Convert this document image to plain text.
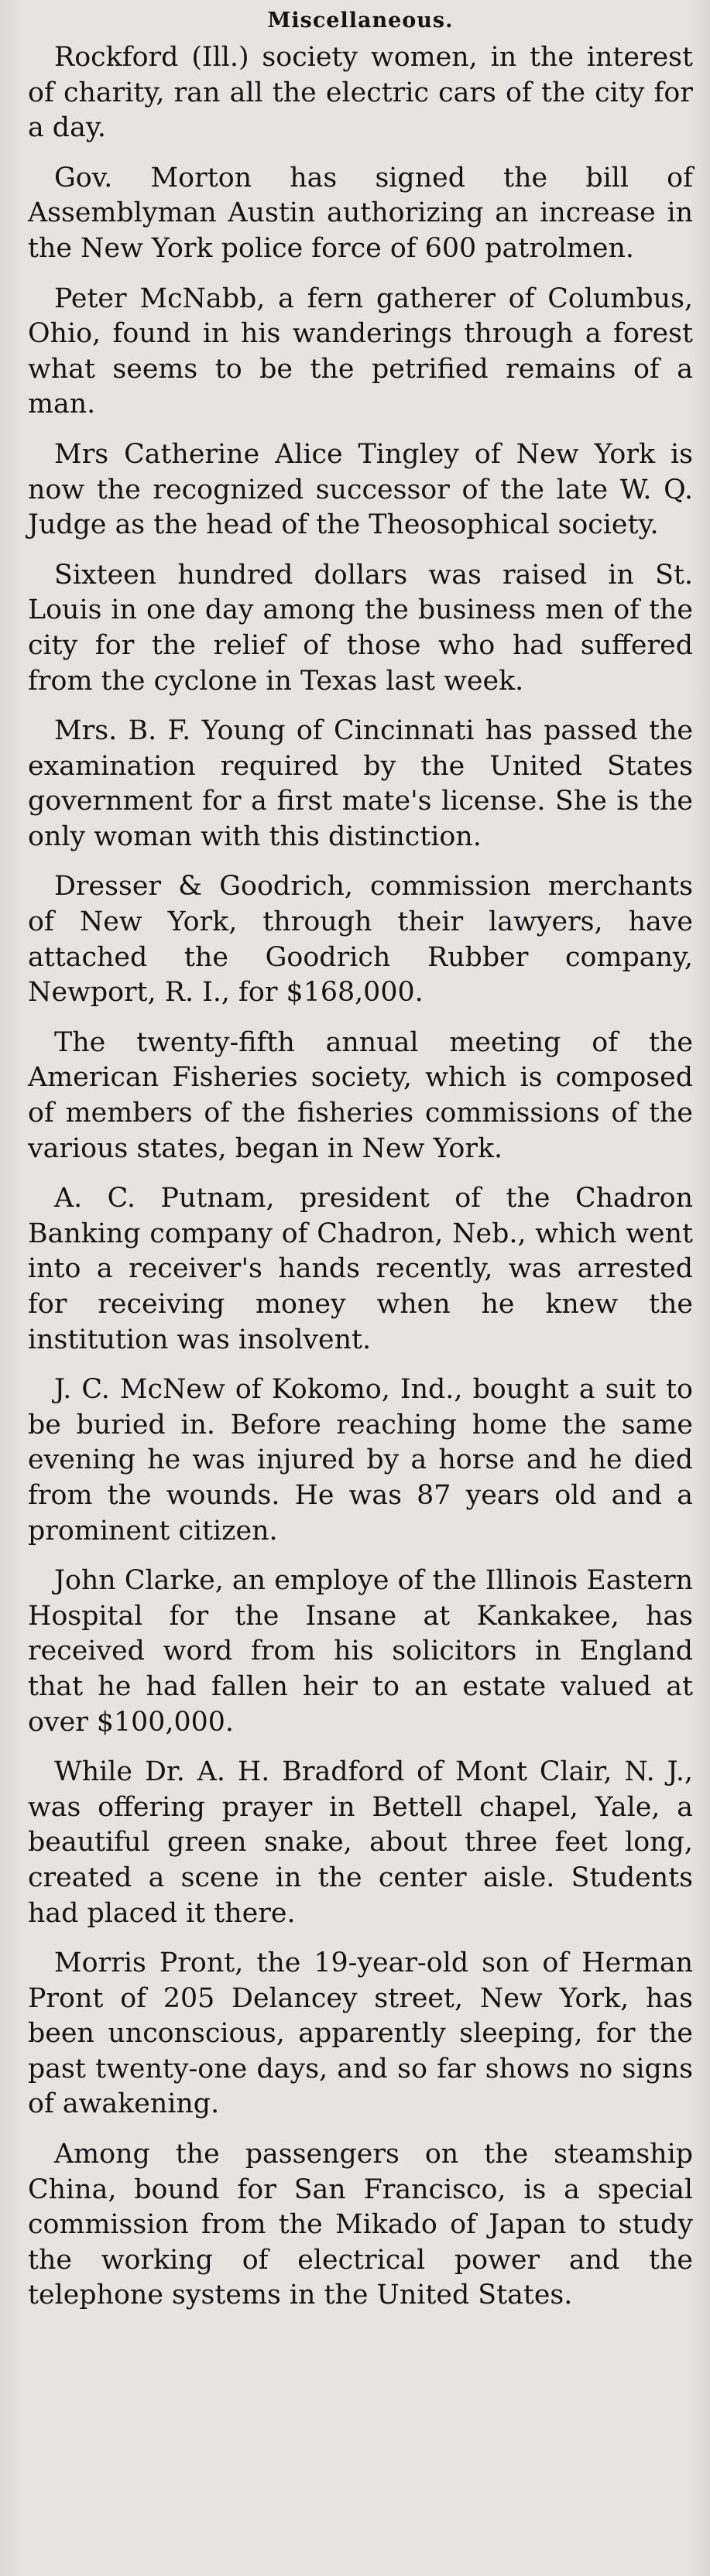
Miscellaneous.

Rockford (Ill.) society women, in the interest of charity, ran all the electric cars of the city for a day.

Gov. Morton has signed the bill of Assemblyman Austin authorizing an increase in the New York police force of 600 patrolmen.

Peter McNabb, a fern gatherer of Columbus, Ohio, found in his wanderings through a forest what seems to be the petrified remains of a man.

Mrs Catherine Alice Tingley of New York is now the recognized successor of the late W. Q. Judge as the head of the Theosophical society.

Sixteen hundred dollars was raised in St. Louis in one day among the business men of the city for the relief of those who had suffered from the cyclone in Texas last week.

Mrs. B. F. Young of Cincinnati has passed the examination required by the United States government for a first mate's license. She is the only woman with this distinction.

Dresser & Goodrich, commission merchants of New York, through their lawyers, have attached the Goodrich Rubber company, Newport, R. I., for $168,000.

The twenty-fifth annual meeting of the American Fisheries society, which is composed of members of the fisheries commissions of the various states, began in New York.

A. C. Putnam, president of the Chadron Banking company of Chadron, Neb., which went into a receiver's hands recently, was arrested for receiving money when he knew the institution was insolvent.

J. C. McNew of Kokomo, Ind., bought a suit to be buried in. Before reaching home the same evening he was injured by a horse and he died from the wounds. He was 87 years old and a prominent citizen.

John Clarke, an employe of the Illinois Eastern Hospital for the Insane at Kankakee, has received word from his solicitors in England that he had fallen heir to an estate valued at over $100,000.

While Dr. A. H. Bradford of Mont Clair, N. J., was offering prayer in Bettell chapel, Yale, a beautiful green snake, about three feet long, created a scene in the center aisle. Students had placed it there.

Morris Pront, the 19-year-old son of Herman Pront of 205 Delancey street, New York, has been unconscious, apparently sleeping, for the past twenty-one days, and so far shows no signs of awakening.

Among the passengers on the steamship China, bound for San Francisco, is a special commission from the Mikado of Japan to study the working of electrical power and the telephone systems in the United States.
